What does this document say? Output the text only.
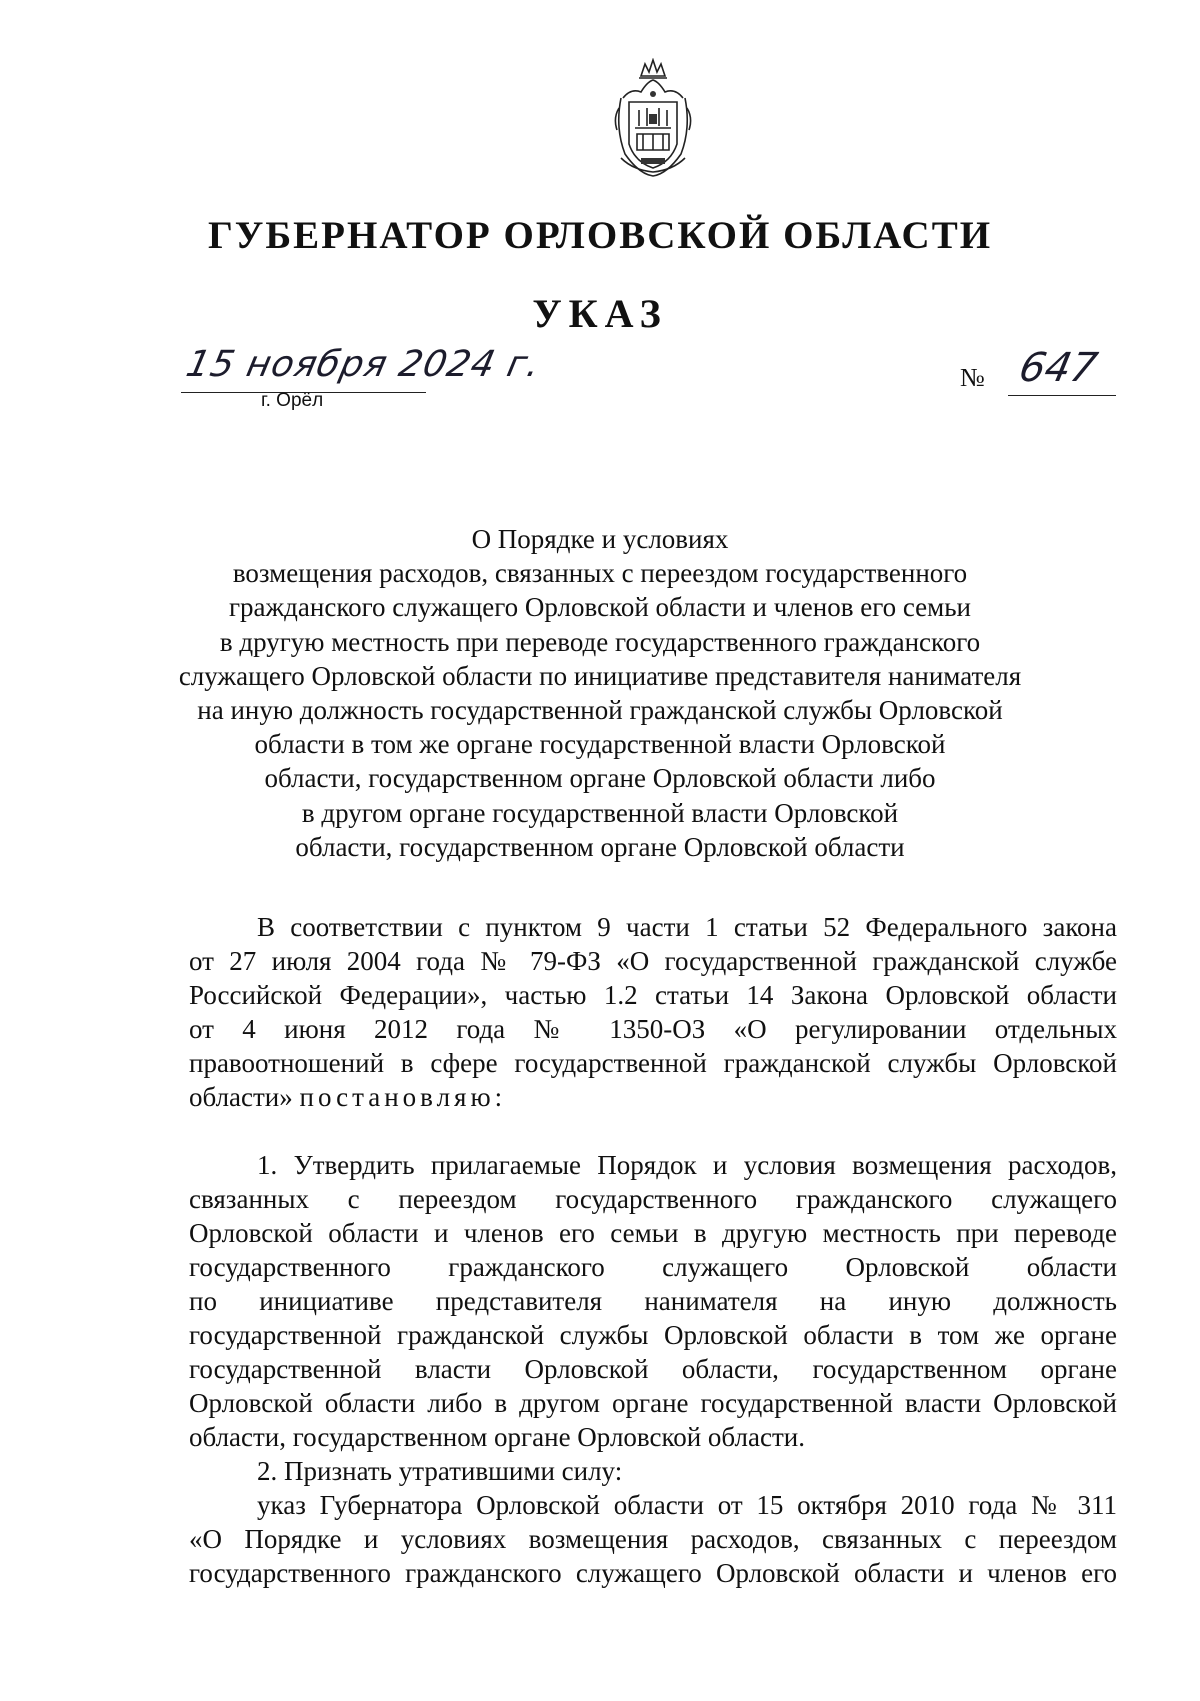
ГУБЕРНАТОР ОРЛОВСКОЙ ОБЛАСТИ
УКАЗ
15 ноября 2024 г.
г. Орёл
№ 647
О Порядке и условиях
возмещения расходов, связанных с переездом государственного
гражданского служащего Орловской области и членов его семьи
в другую местность при переводе государственного гражданского
служащего Орловской области по инициативе представителя нанимателя
на иную должность государственной гражданской службы Орловской
области в том же органе государственной власти Орловской
области, государственном органе Орловской области либо
в другом органе государственной власти Орловской
области, государственном органе Орловской области
В соответствии с пунктом 9 части 1 статьи 52 Федерального закона
от 27 июля 2004 года № 79-ФЗ «О государственной гражданской службе
Российской Федерации», частью 1.2 статьи 14 Закона Орловской области
от 4 июня 2012 года № 1350-ОЗ «О регулировании отдельных
правоотношений в сфере государственной гражданской службы Орловской
области» постановляю:
1. Утвердить прилагаемые Порядок и условия возмещения расходов,
связанных с переездом государственного гражданского служащего
Орловской области и членов его семьи в другую местность при переводе
государственного гражданского служащего Орловской области
по инициативе представителя нанимателя на иную должность
государственной гражданской службы Орловской области в том же органе
государственной власти Орловской области, государственном органе
Орловской области либо в другом органе государственной власти Орловской
области, государственном органе Орловской области.
2. Признать утратившими силу:
указ Губернатора Орловской области от 15 октября 2010 года № 311
«О Порядке и условиях возмещения расходов, связанных с переездом
государственного гражданского служащего Орловской области и членов его
